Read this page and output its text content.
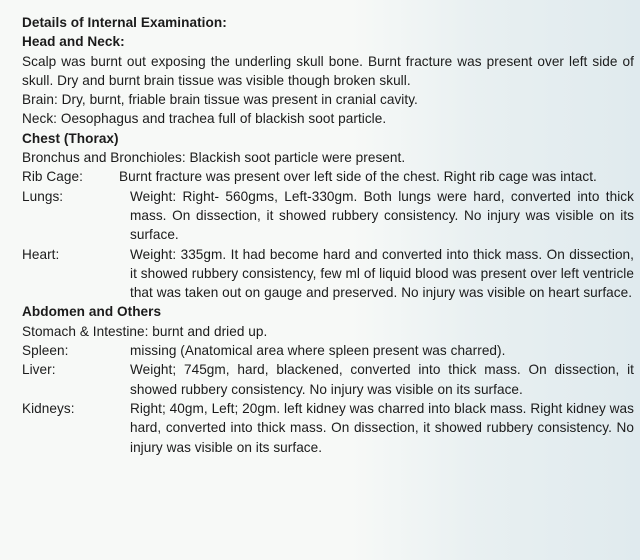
Details of Internal Examination:
Head and Neck:
Scalp was burnt out exposing the underling skull bone. Burnt fracture was present over left side of skull. Dry and burnt brain tissue was visible though broken skull.
Brain: Dry, burnt, friable brain tissue was present in cranial cavity.
Neck: Oesophagus and trachea full of blackish soot particle.
Chest (Thorax)
Bronchus and Bronchioles: Blackish soot particle were present.
Rib Cage:	Burnt fracture was present over left side of the chest. Right rib cage was intact.
Lungs:	Weight: Right- 560gms, Left-330gm. Both lungs were hard, converted into thick mass. On dissection, it showed rubbery consistency. No injury was visible on its surface.
Heart:	Weight: 335gm. It had become hard and converted into thick mass. On dissection, it showed rubbery consistency, few ml of liquid blood was present over left ventricle that was taken out on gauge and preserved. No injury was visible on heart surface.
Abdomen and Others
Stomach & Intestine: burnt and dried up.
Spleen:	missing (Anatomical area where spleen present was charred).
Liver:	Weight; 745gm, hard, blackened, converted into thick mass. On dissection, it showed rubbery consistency. No injury was visible on its surface.
Kidneys:	Right; 40gm, Left; 20gm. left kidney was charred into black mass. Right kidney was hard, converted into thick mass. On dissection, it showed rubbery consistency. No injury was visible on its surface.
